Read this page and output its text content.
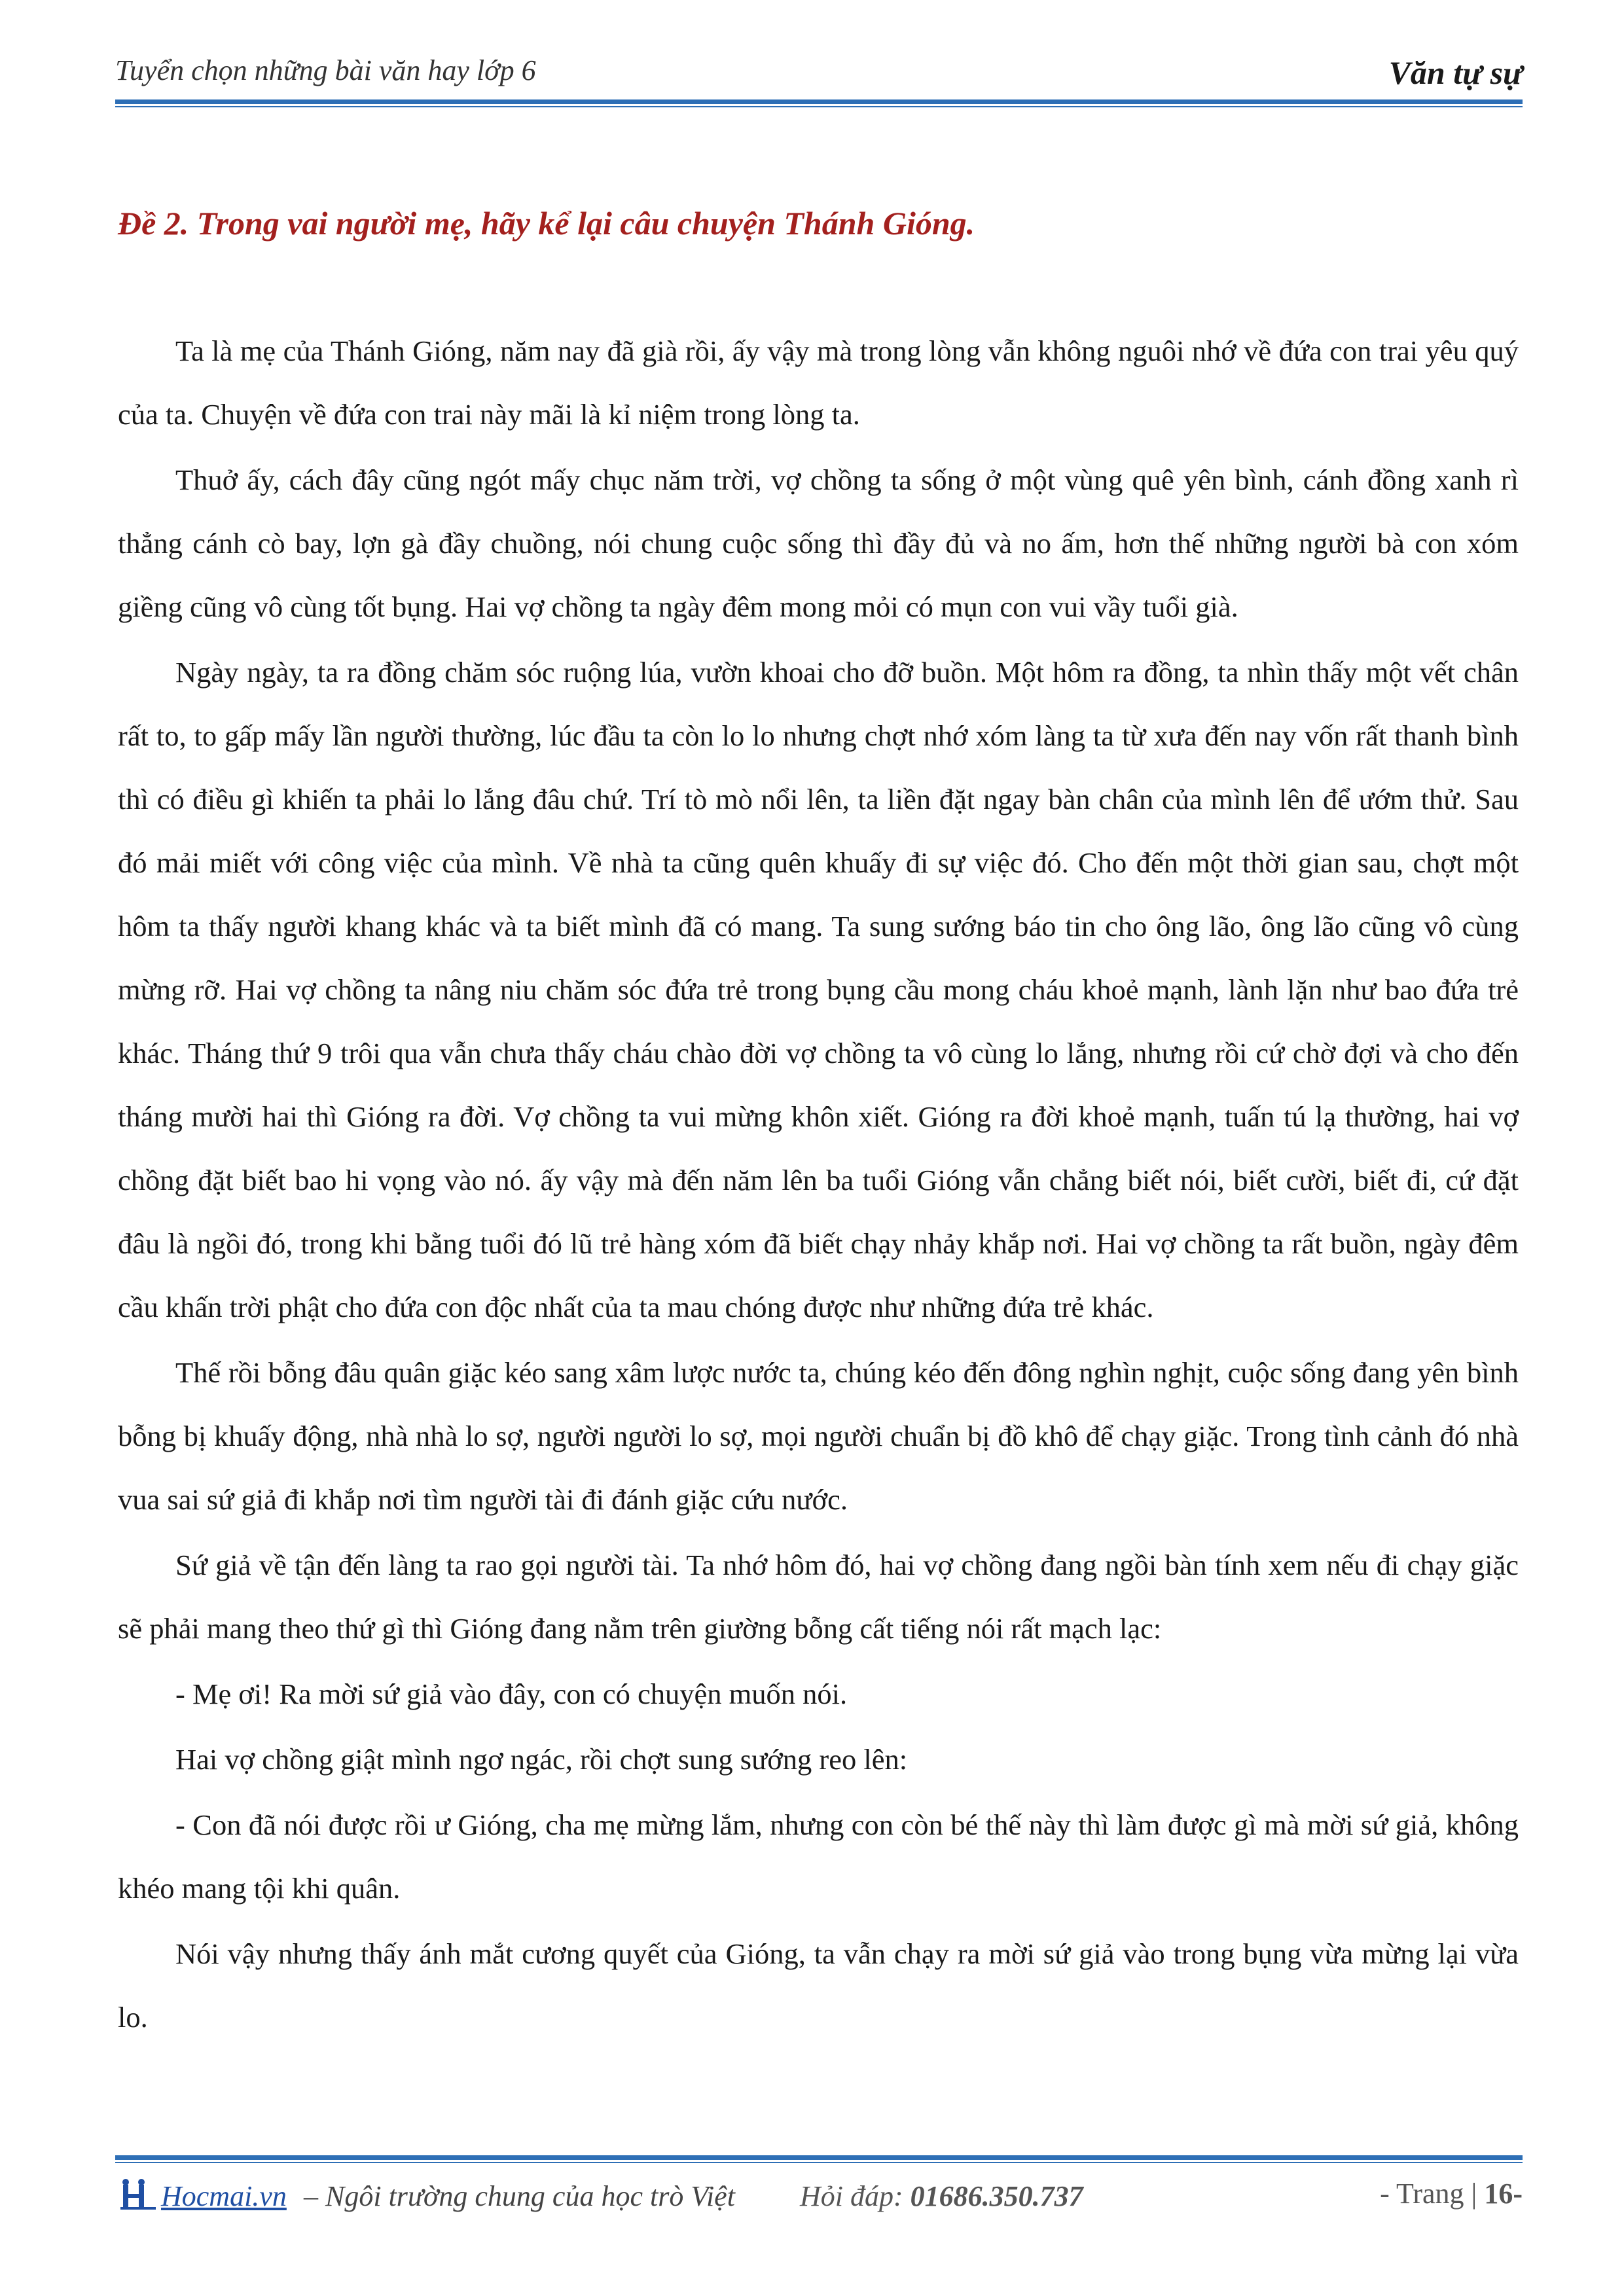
Tuyển chọn những bài văn hay lớp 6	Văn tự sự
Đề 2. Trong vai người mẹ, hãy kể lại câu chuyện Thánh Gióng.

Ta là mẹ của Thánh Gióng, năm nay đã già rồi, ấy vậy mà trong lòng vẫn không nguôi nhớ về đứa con trai yêu quý của ta. Chuyện về đứa con trai này mãi là kỉ niệm trong lòng ta.

Thuở ấy, cách đây cũng ngót mấy chục năm trời, vợ chồng ta sống ở một vùng quê yên bình, cánh đồng xanh rì thẳng cánh cò bay, lợn gà đầy chuồng, nói chung cuộc sống thì đầy đủ và no ấm, hơn thế những người bà con xóm giềng cũng vô cùng tốt bụng. Hai vợ chồng ta ngày đêm mong mỏi có mụn con vui vầy tuổi già.

Ngày ngày, ta ra đồng chăm sóc ruộng lúa, vườn khoai cho đỡ buồn. Một hôm ra đồng, ta nhìn thấy một vết chân rất to, to gấp mấy lần người thường, lúc đầu ta còn lo lo nhưng chợt nhớ xóm làng ta từ xưa đến nay vốn rất thanh bình thì có điều gì khiến ta phải lo lắng đâu chứ. Trí tò mò nổi lên, ta liền đặt ngay bàn chân của mình lên để ướm thử. Sau đó mải miết với công việc của mình. Về nhà ta cũng quên khuấy đi sự việc đó. Cho đến một thời gian sau, chợt một hôm ta thấy người khang khác và ta biết mình đã có mang. Ta sung sướng báo tin cho ông lão, ông lão cũng vô cùng mừng rỡ. Hai vợ chồng ta nâng niu chăm sóc đứa trẻ trong bụng cầu mong cháu khoẻ mạnh, lành lặn như bao đứa trẻ khác. Tháng thứ 9 trôi qua vẫn chưa thấy cháu chào đời vợ chồng ta vô cùng lo lắng, nhưng rồi cứ chờ đợi và cho đến tháng mười hai thì Gióng ra đời. Vợ chồng ta vui mừng khôn xiết. Gióng ra đời khoẻ mạnh, tuấn tú lạ thường, hai vợ chồng đặt biết bao hi vọng vào nó. ấy vậy mà đến năm lên ba tuổi Gióng vẫn chẳng biết nói, biết cười, biết đi, cứ đặt đâu là ngồi đó, trong khi bằng tuổi đó lũ trẻ hàng xóm đã biết chạy nhảy khắp nơi. Hai vợ chồng ta rất buồn, ngày đêm cầu khấn trời phật cho đứa con độc nhất của ta mau chóng được như những đứa trẻ khác.

Thế rồi bỗng đâu quân giặc kéo sang xâm lược nước ta, chúng kéo đến đông nghìn nghịt, cuộc sống đang yên bình bỗng bị khuấy động, nhà nhà lo sợ, người người lo sợ, mọi người chuẩn bị đồ khô để chạy giặc. Trong tình cảnh đó nhà vua sai sứ giả đi khắp nơi tìm người tài đi đánh giặc cứu nước.

Sứ giả về tận đến làng ta rao gọi người tài. Ta nhớ hôm đó, hai vợ chồng đang ngồi bàn tính xem nếu đi chạy giặc sẽ phải mang theo thứ gì thì Gióng đang nằm trên giường bỗng cất tiếng nói rất mạch lạc:

- Mẹ ơi! Ra mời sứ giả vào đây, con có chuyện muốn nói.

Hai vợ chồng giật mình ngơ ngác, rồi chợt sung sướng reo lên:

- Con đã nói được rồi ư Gióng, cha mẹ mừng lắm, nhưng con còn bé thế này thì làm được gì mà mời sứ giả, không khéo mang tội khi quân.

Nói vậy nhưng thấy ánh mắt cương quyết của Gióng, ta vẫn chạy ra mời sứ giả vào trong bụng vừa mừng lại vừa lo.

Hocmai.vn – Ngôi trường chung của học trò Việt Hỏi đáp: 01686.350.737	- Trang | 16-
